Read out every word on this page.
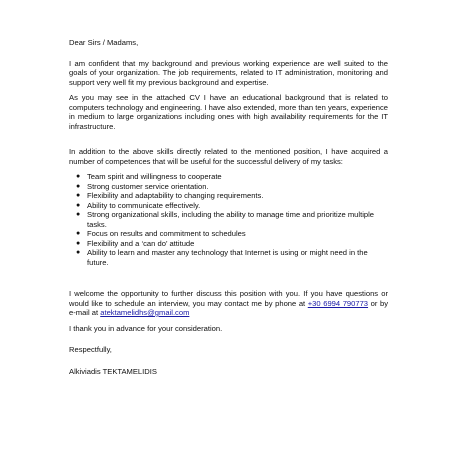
Dear Sirs / Madams,

I am confident that my background and previous working experience are well suited to the goals of your organization. The job requirements, related to IT administration, monitoring and support very well fit my previous background and expertise.

As you may see in the attached CV I have an educational background that is related to computers technology and engineering. I have also extended, more than ten years, experience in medium to large organizations including ones with high availability requirements for the IT infrastructure.

In addition to the above skills directly related to the mentioned position, I have acquired a number of competences that will be useful for the successful delivery of my tasks:

● Team spirit and willingness to cooperate
● Strong customer service orientation.
● Flexibility and adaptability to changing requirements.
● Ability to communicate effectively.
● Strong organizational skills, including the ability to manage time and prioritize multiple tasks.
● Focus on results and commitment to schedules
● Flexibility and a ‘can do’ attitude
● Ability to learn and master any technology that Internet is using or might need in the future.

I welcome the opportunity to further discuss this position with you. If you have questions or would like to schedule an interview, you may contact me by phone at +30 6994 790773 or by e-mail at atektamelidhs@gmail.com

I thank you in advance for your consideration.

Respectfully,

Alkiviadis TEKTAMELIDIS
